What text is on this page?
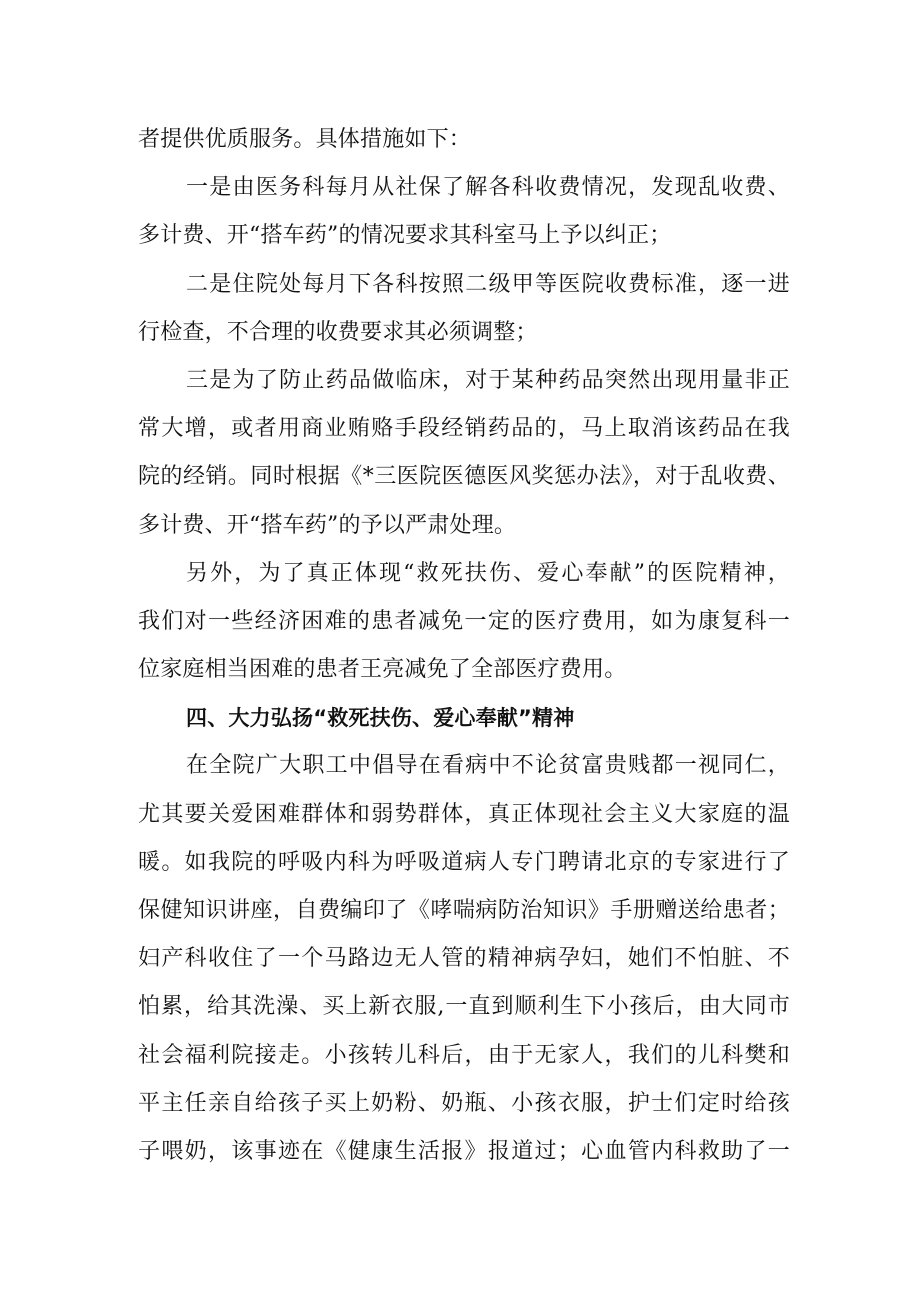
者提供优质服务。具体措施如下：
一是由医务科每月从社保了解各科收费情况，发现乱收费、
多计费、开“搭车药”的情况要求其科室马上予以纠正；
二是住院处每月下各科按照二级甲等医院收费标准，逐一进
行检查，不合理的收费要求其必须调整；
三是为了防止药品做临床，对于某种药品突然出现用量非正
常大增，或者用商业贿赂手段经销药品的，马上取消该药品在我
院的经销。同时根据《*三医院医德医风奖惩办法》，对于乱收费、
多计费、开“搭车药”的予以严肃处理。
另外，为了真正体现“救死扶伤、爱心奉献”的医院精神，
我们对一些经济困难的患者减免一定的医疗费用，如为康复科一
位家庭相当困难的患者王亮减免了全部医疗费用。
四、大力弘扬“救死扶伤、爱心奉献”精神
在全院广大职工中倡导在看病中不论贫富贵贱都一视同仁，
尤其要关爱困难群体和弱势群体，真正体现社会主义大家庭的温
暖。如我院的呼吸内科为呼吸道病人专门聘请北京的专家进行了
保健知识讲座，自费编印了《哮喘病防治知识》手册赠送给患者；
妇产科收住了一个马路边无人管的精神病孕妇，她们不怕脏、不
怕累，给其洗澡、买上新衣服,一直到顺利生下小孩后，由大同市
社会福利院接走。小孩转儿科后，由于无家人，我们的儿科樊和
平主任亲自给孩子买上奶粉、奶瓶、小孩衣服，护士们定时给孩
子喂奶，该事迹在《健康生活报》报道过；心血管内科救助了一
